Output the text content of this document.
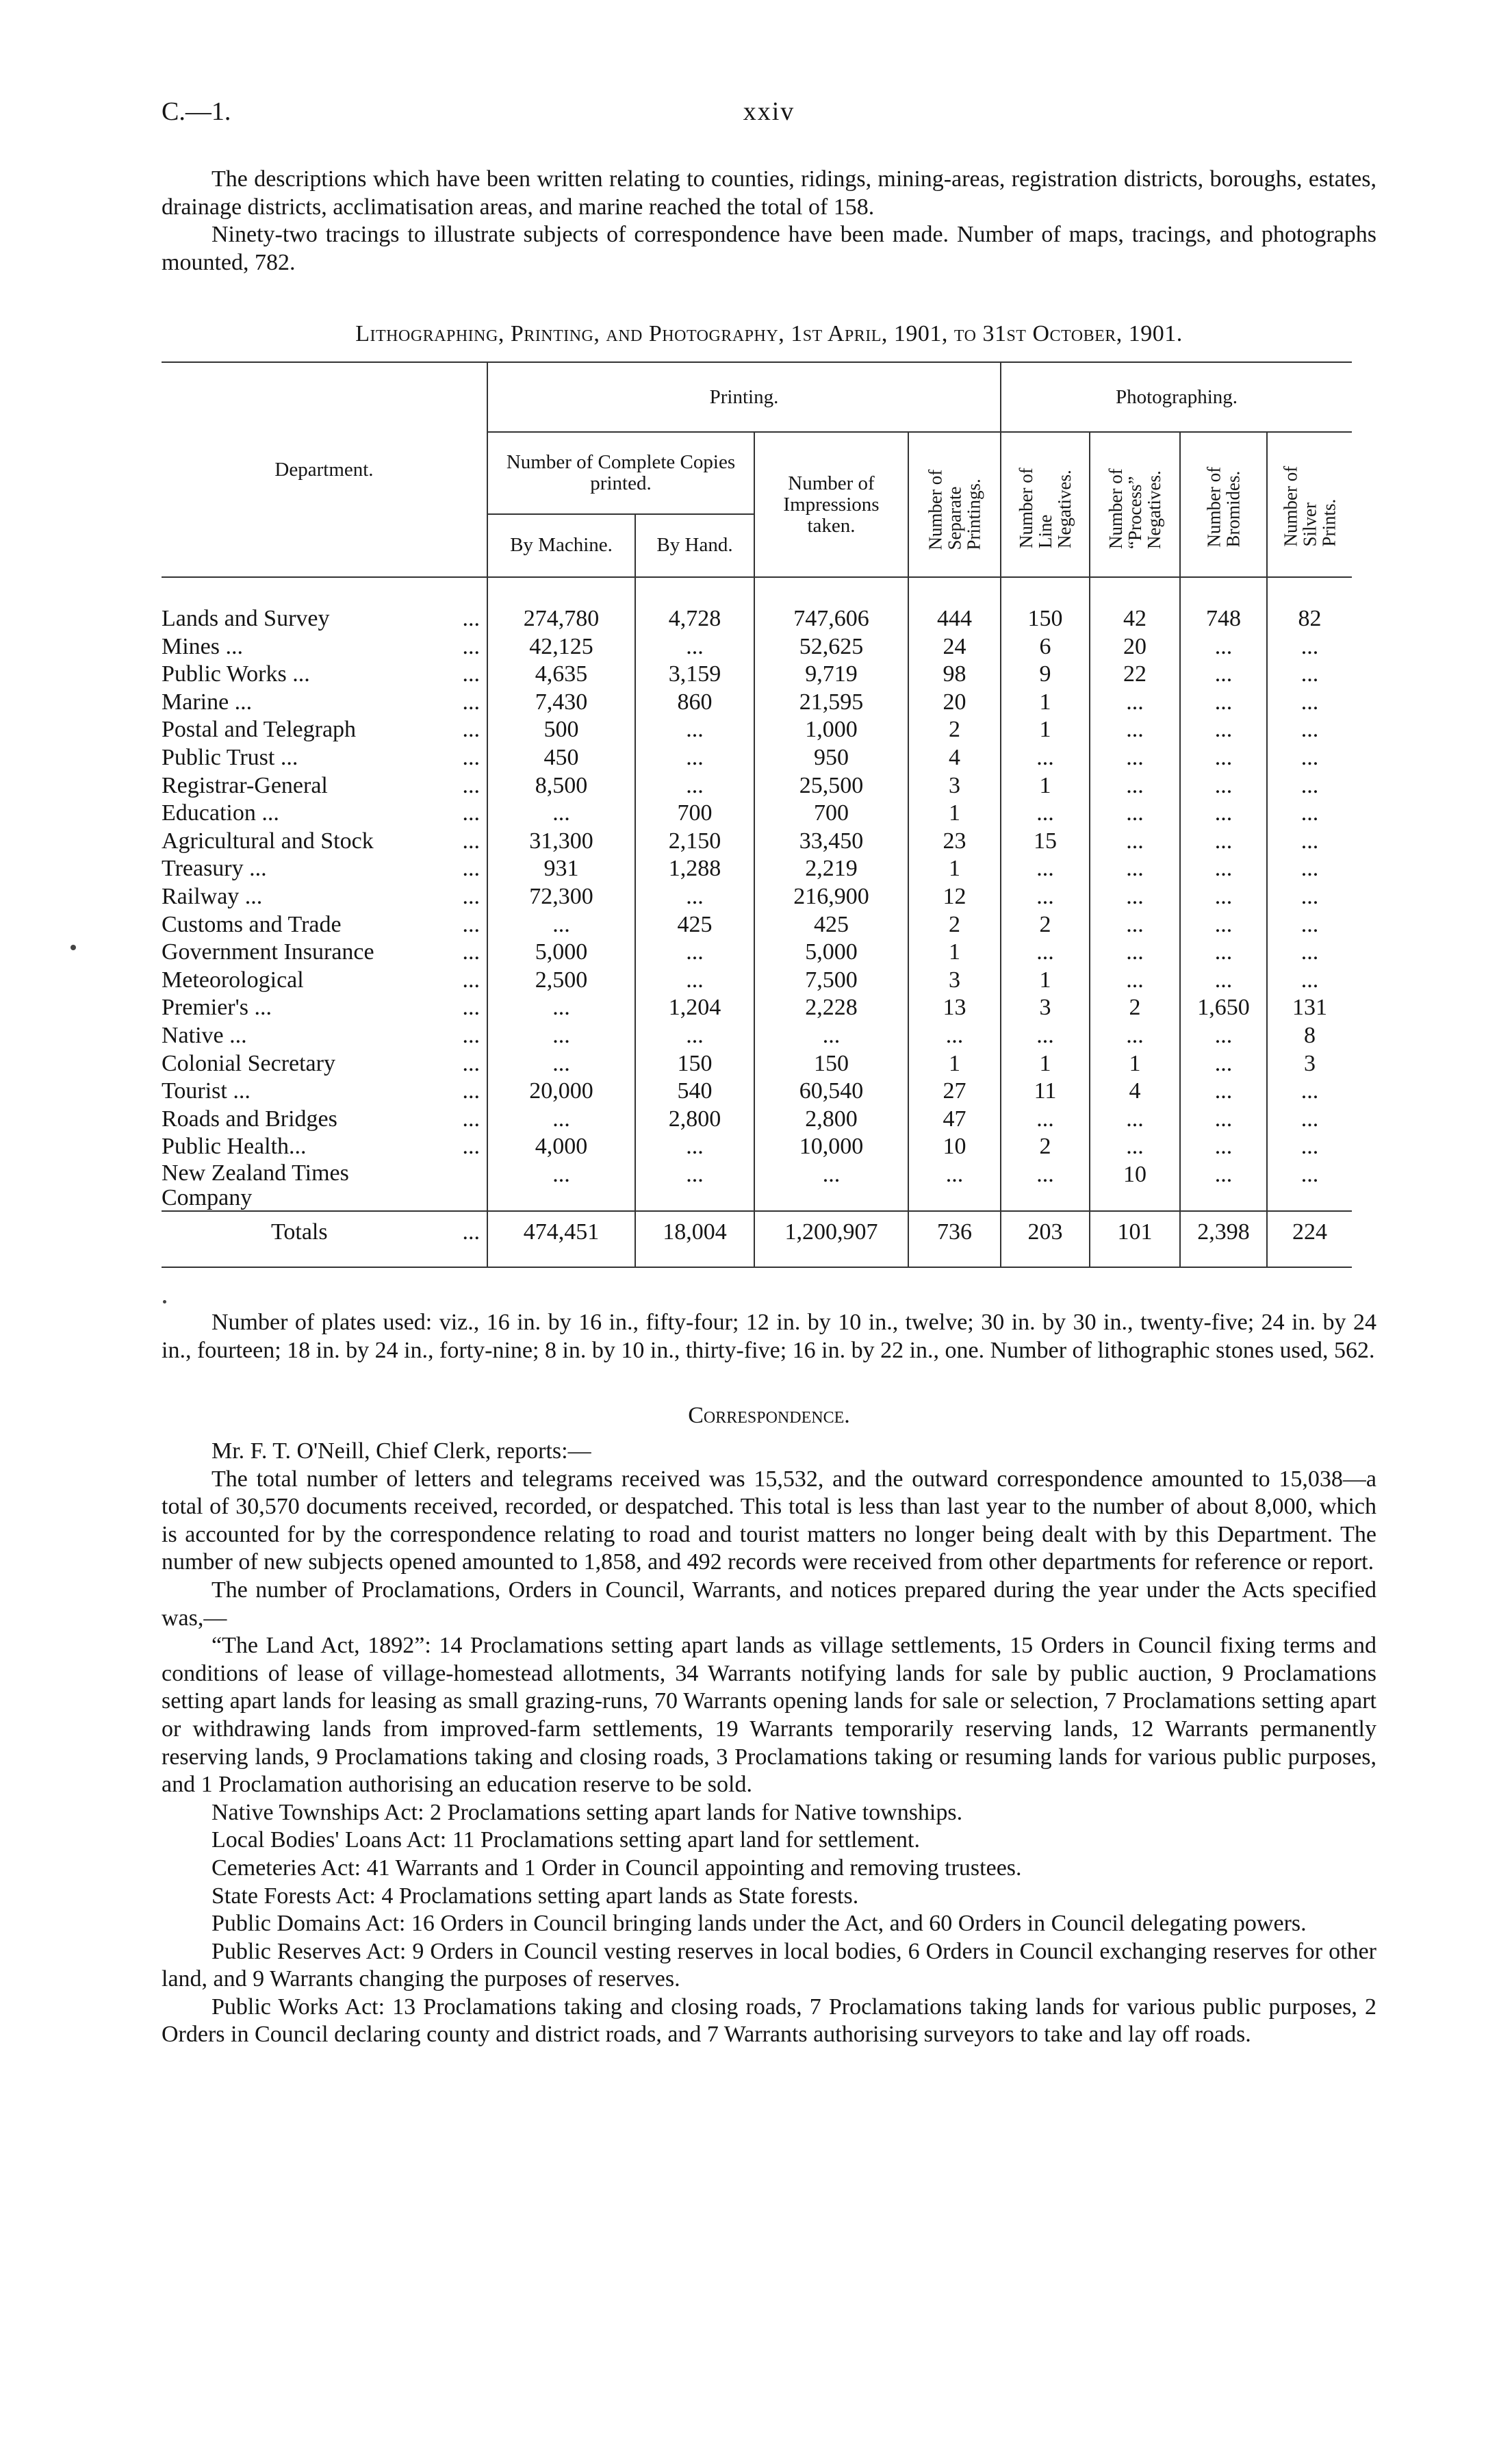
C.—1.	xxiv

The descriptions which have been written relating to counties, ridings, mining-areas, registration districts, boroughs, estates, drainage districts, acclimatisation areas, and marine reached the total of 158.

Ninety-two tracings to illustrate subjects of correspondence have been made. Number of maps, tracings, and photographs mounted, 782.

Lithographing, Printing, and Photography, 1st April, 1901, to 31st October, 1901.
Department.	Printing.				Photographing.			
	Number of Complete Copies printed.		Number of Impressions taken.	Number of Separate Printings.	Number of Line Negatives.	Number of “Process” Negatives.	Number of Bromides.	Number of Silver Prints.

	By Machine.	By Hand.						

...
Lands and Survey	274,780	4,728	747,606	444	150	42	748	82

...
Mines ...	42,125	...	52,625	24	6	20	...	...

...
Public Works ...	4,635	3,159	9,719	98	9	22	...	...

...
Marine ...	7,430	860	21,595	20	1	...	...	...

...
Postal and Telegraph	500	...	1,000	2	1	...	...	...

...
Public Trust ...	450	...	950	4	...	...	...	...

...
Registrar-General	8,500	...	25,500	3	1	...	...	...

...
Education ...	...	700	700	1	...	...	...	...

...
Agricultural and Stock	31,300	2,150	33,450	23	15	...	...	...

...
Treasury ...	931	1,288	2,219	1	...	...	...	...

...
Railway ...	72,300	...	216,900	12	...	...	...	...

...
Customs and Trade	...	425	425	2	2	...	...	...

...
Government Insurance	5,000	...	5,000	1	...	...	...	...

...
Meteorological	2,500	...	7,500	3	1	...	...	...

...
Premier's ...	...	1,204	2,228	13	3	2	1,650	131

...
Native ...	...	...	...	...	...	...	...	8

...
Colonial Secretary	...	150	150	1	1	1	...	3

...
Tourist ...	20,000	540	60,540	27	11	4	...	...

...
Roads and Bridges	...	2,800	2,800	47	...	...	...	...

...
Public Health...	4,000	...	10,000	10	2	...	...	...

New Zealand Times Company	...	...	...	...	...	10	...	...

...
Totals	474,451	18,004	1,200,907	736	203	101	2,398	224

Number of plates used: viz., 16 in. by 16 in., fifty-four; 12 in. by 10 in., twelve; 30 in. by 30 in., twenty-five; 24 in. by 24 in., fourteen; 18 in. by 24 in., forty-nine; 8 in. by 10 in., thirty-five; 16 in. by 22 in., one. Number of lithographic stones used, 562.

Correspondence.

Mr. F. T. O'Neill, Chief Clerk, reports:—

The total number of letters and telegrams received was 15,532, and the outward correspondence amounted to 15,038—a total of 30,570 documents received, recorded, or despatched. This total is less than last year to the number of about 8,000, which is accounted for by the correspondence relating to road and tourist matters no longer being dealt with by this Department. The number of new subjects opened amounted to 1,858, and 492 records were received from other departments for reference or report.

The number of Proclamations, Orders in Council, Warrants, and notices prepared during the year under the Acts specified was,—

“The Land Act, 1892”: 14 Proclamations setting apart lands as village settlements, 15 Orders in Council fixing terms and conditions of lease of village-homestead allotments, 34 Warrants notifying lands for sale by public auction, 9 Proclamations setting apart lands for leasing as small grazing-runs, 70 Warrants opening lands for sale or selection, 7 Proclamations setting apart or withdrawing lands from improved-farm settlements, 19 Warrants temporarily reserving lands, 12 Warrants permanently reserving lands, 9 Proclamations taking and closing roads, 3 Proclamations taking or resuming lands for various public purposes, and 1 Proclamation authorising an education reserve to be sold.

Native Townships Act: 2 Proclamations setting apart lands for Native townships.

Local Bodies' Loans Act: 11 Proclamations setting apart land for settlement.

Cemeteries Act: 41 Warrants and 1 Order in Council appointing and removing trustees.

State Forests Act: 4 Proclamations setting apart lands as State forests.

Public Domains Act: 16 Orders in Council bringing lands under the Act, and 60 Orders in Council delegating powers.

Public Reserves Act: 9 Orders in Council vesting reserves in local bodies, 6 Orders in Council exchanging reserves for other land, and 9 Warrants changing the purposes of reserves.

Public Works Act: 13 Proclamations taking and closing roads, 7 Proclamations taking lands for various public purposes, 2 Orders in Council declaring county and district roads, and 7 Warrants authorising surveyors to take and lay off roads.
